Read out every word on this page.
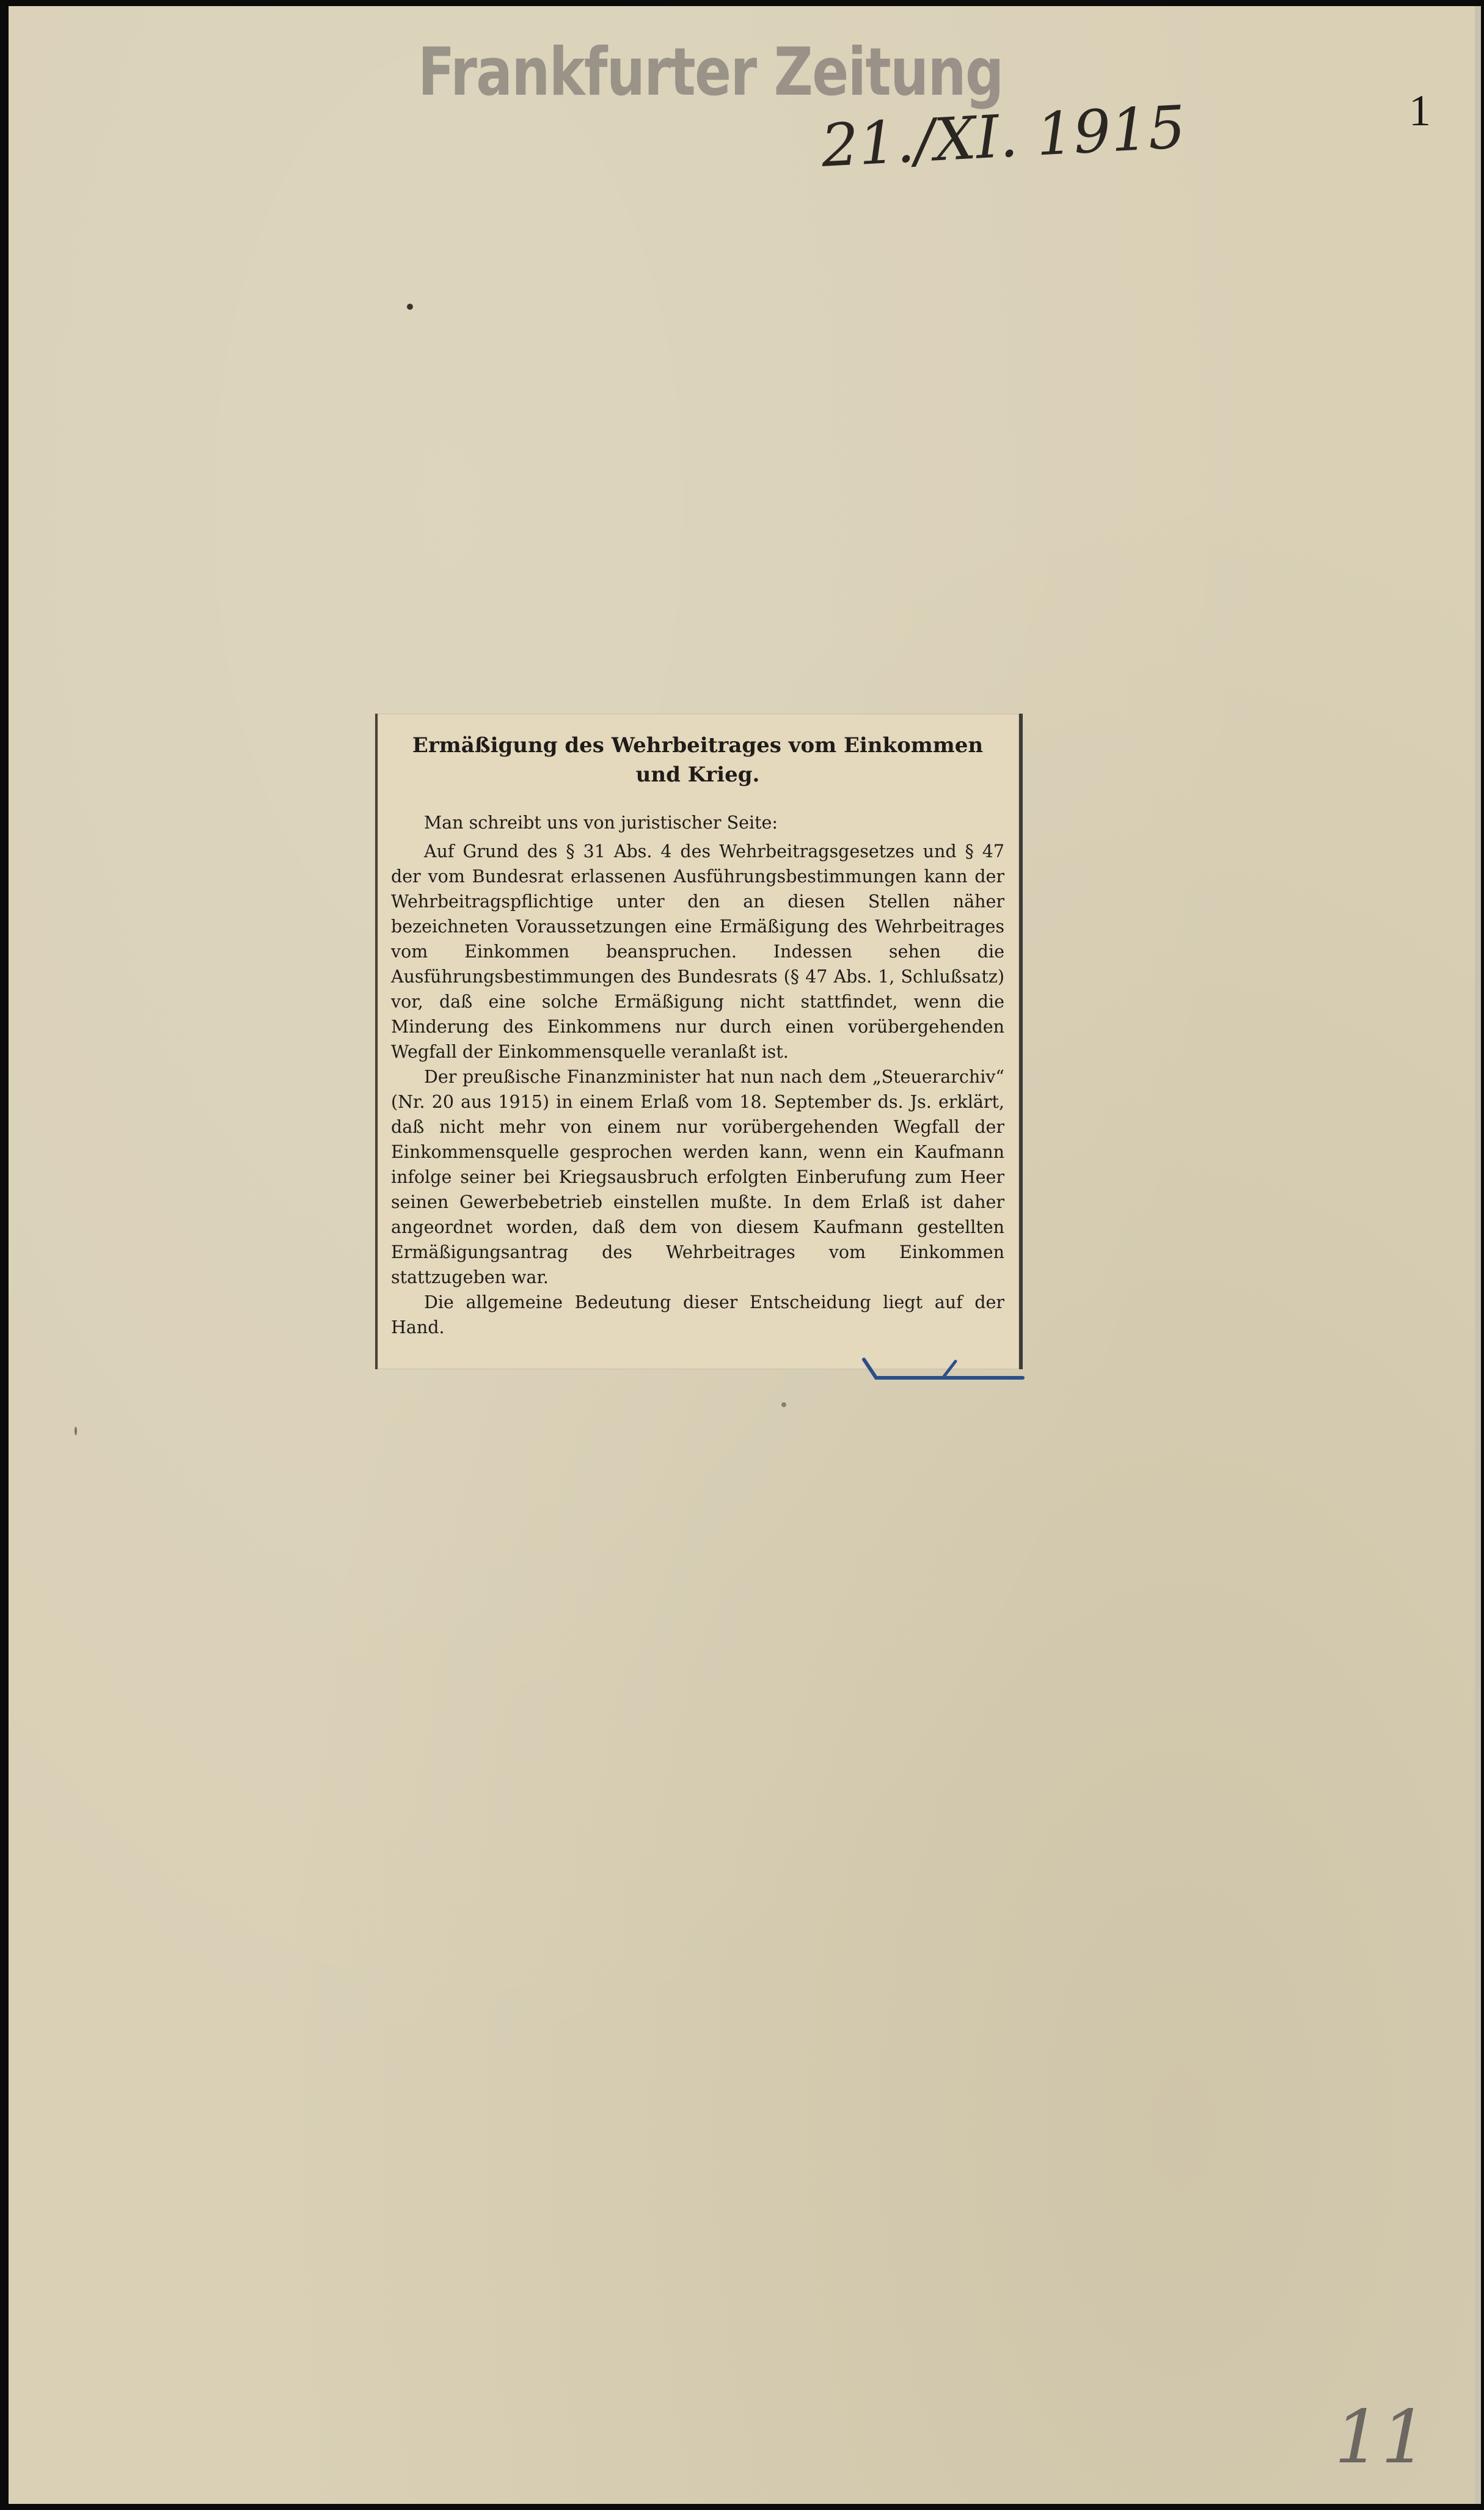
Frankfurter Zeitung
21./XI. 1915	1
Ermäßigung des Wehrbeitrages vom Einkommen und Krieg.

Man schreibt uns von juristischer Seite:

Auf Grund des § 31 Abs. 4 des Wehrbeitragsgesetzes und § 47 der vom Bundesrat erlassenen Ausführungsbestimmungen kann der Wehrbeitragspflichtige unter den an diesen Stellen näher bezeichneten Voraussetzungen eine Ermäßigung des Wehrbeitrages vom Einkommen beanspruchen. Indessen sehen die Ausführungsbestimmungen des Bundesrats (§ 47 Abs. 1, Schlußsatz) vor, daß eine solche Ermäßigung nicht stattfindet, wenn die Minderung des Einkommens nur durch einen vorübergehenden Wegfall der Einkommensquelle veranlaßt ist.

Der preußische Finanzminister hat nun nach dem „Steuerarchiv“ (Nr. 20 aus 1915) in einem Erlaß vom 18. September ds. Js. erklärt, daß nicht mehr von einem nur vorübergehenden Wegfall der Einkommensquelle gesprochen werden kann, wenn ein Kaufmann infolge seiner bei Kriegsausbruch erfolgten Einberufung zum Heer seinen Gewerbebetrieb einstellen mußte. In dem Erlaß ist daher angeordnet worden, daß dem von diesem Kaufmann gestellten Ermäßigungsantrag des Wehrbeitrages vom Einkommen stattzugeben war.

Die allgemeine Bedeutung dieser Entscheidung liegt auf der Hand.

11
